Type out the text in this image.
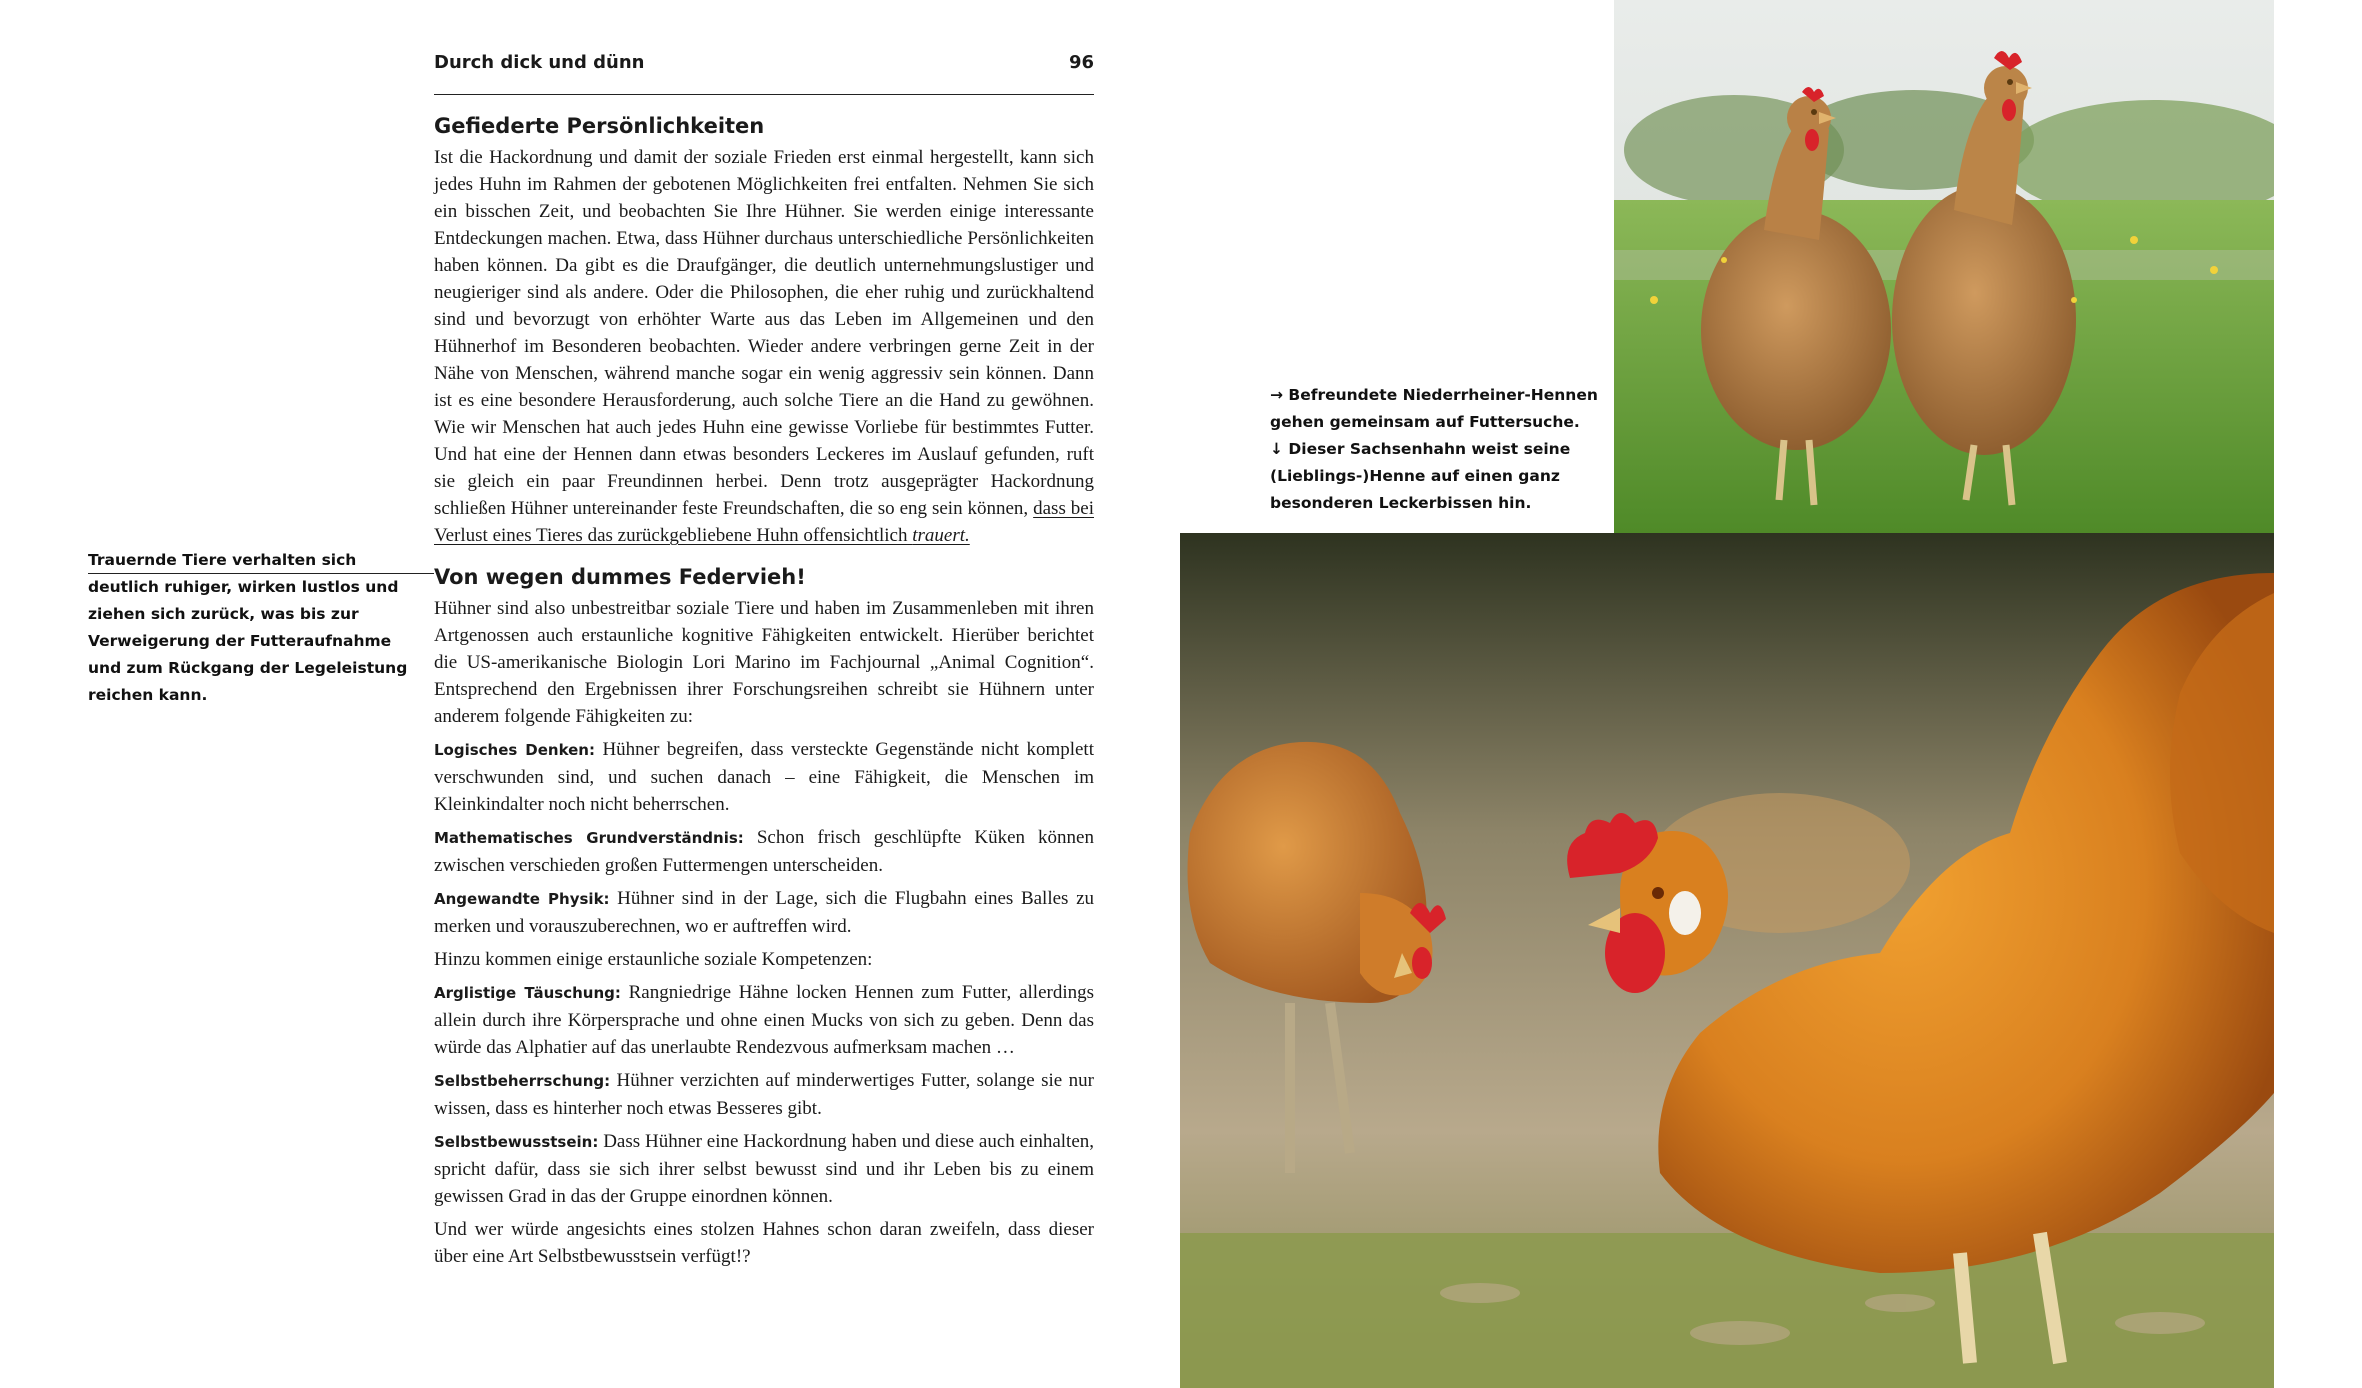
Durch dick und dünn	96
Gefiederte Persönlichkeiten

Ist die Hackordnung und damit der soziale Frieden erst einmal hergestellt, kann sich jedes Huhn im Rahmen der gebotenen Möglichkeiten frei entfalten. Nehmen Sie sich ein bisschen Zeit, und beobachten Sie Ihre Hühner. Sie werden einige interessante Entdeckungen machen. Etwa, dass Hühner durchaus unterschiedliche Persönlichkeiten haben können. Da gibt es die Draufgänger, die deutlich unternehmungslustiger und neugieriger sind als andere. Oder die Philosophen, die eher ruhig und zurückhaltend sind und bevorzugt von erhöhter Warte aus das Leben im Allgemeinen und den Hühnerhof im Besonderen beobachten. Wieder andere verbringen gerne Zeit in der Nähe von Menschen, während manche sogar ein wenig aggressiv sein können. Dann ist es eine besondere Herausforderung, auch solche Tiere an die Hand zu gewöhnen. Wie wir Menschen hat auch jedes Huhn eine gewisse Vorliebe für bestimmtes Futter. Und hat eine der Hennen dann etwas besonders Leckeres im Auslauf gefunden, ruft sie gleich ein paar Freundinnen herbei. Denn trotz ausgeprägter Hackordnung schließen Hühner untereinander feste Freundschaften, die so eng sein können, dass bei Verlust eines Tieres das zurückgebliebene Huhn offensichtlich trauert.

Von wegen dummes Federvieh!

Hühner sind also unbestreitbar soziale Tiere und haben im Zusammenleben mit ihren Artgenossen auch erstaunliche kognitive Fähigkeiten entwickelt. Hierüber berichtet die US-amerikanische Biologin Lori Marino im Fachjournal „Animal Cognition“. Entsprechend den Ergebnissen ihrer Forschungsreihen schreibt sie Hühnern unter anderem folgende Fähigkeiten zu:

Logisches Denken: Hühner begreifen, dass versteckte Gegenstände nicht komplett verschwunden sind, und suchen danach – eine Fähigkeit, die Menschen im Kleinkindalter noch nicht beherrschen.

Mathematisches Grundverständnis: Schon frisch geschlüpfte Küken können zwischen verschieden großen Futtermengen unterscheiden.

Angewandte Physik: Hühner sind in der Lage, sich die Flugbahn eines Balles zu merken und vorauszuberechnen, wo er auftreffen wird.

Hinzu kommen einige erstaunliche soziale Kompetenzen:

Arglistige Täuschung: Rangniedrige Hähne locken Hennen zum Futter, allerdings allein durch ihre Körpersprache und ohne einen Mucks von sich zu geben. Denn das würde das Alphatier auf das unerlaubte Rendezvous aufmerksam machen …

Selbstbeherrschung: Hühner verzichten auf minderwertiges Futter, solange sie nur wissen, dass es hinterher noch etwas Besseres gibt.

Selbstbewusstsein: Dass Hühner eine Hackordnung haben und diese auch einhalten, spricht dafür, dass sie sich ihrer selbst bewusst sind und ihr Leben bis zu einem gewissen Grad in das der Gruppe einordnen können.

Und wer würde angesichts eines stolzen Hahnes schon daran zweifeln, dass dieser über eine Art Selbstbewusstsein verfügt!?

Trauernde Tiere verhalten sich deutlich ruhiger, wirken lustlos und ziehen sich zurück, was bis zur Verweigerung der Futteraufnahme und zum Rückgang der Legeleistung reichen kann.
→ Befreundete Niederrheiner-Hennen gehen gemeinsam auf Futtersuche.
↓ Dieser Sachsenhahn weist seine (Lieblings-)Henne auf einen ganz besonderen Leckerbissen hin.
